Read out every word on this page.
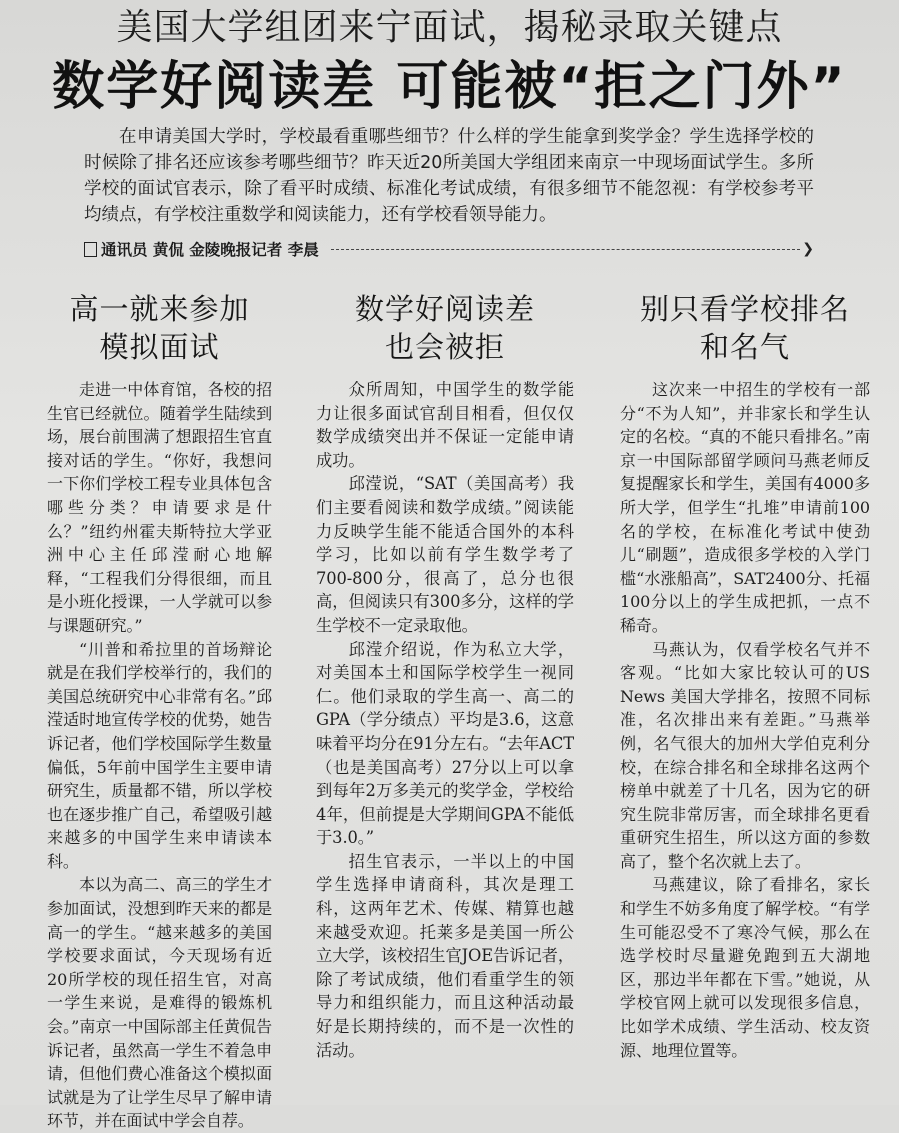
美国大学组团来宁面试，揭秘录取关键点
数学好阅读差 可能被“拒之门外”
在申请美国大学时，学校最看重哪些细节？什么样的学生能拿到奖学金？学生选择学校的时候除了排名还应该参考哪些细节？昨天近20所美国大学组团来南京一中现场面试学生。多所学校的面试官表示，除了看平时成绩、标准化考试成绩，有很多细节不能忽视：有学校参考平均绩点，有学校注重数学和阅读能力，还有学校看领导能力。
通讯员 黄侃 金陵晚报记者 李晨	❯
高一就来参加
模拟面试

走进一中体育馆，各校的招生官已经就位。随着学生陆续到场，展台前围满了想跟招生官直接对话的学生。“你好，我想问一下你们学校工程专业具体包含哪些分类？申请要求是什么？”纽约州霍夫斯特拉大学亚洲中心主任邱滢耐心地解释，“工程我们分得很细，而且是小班化授课，一人学就可以参与课题研究。”

“川普和希拉里的首场辩论就是在我们学校举行的，我们的美国总统研究中心非常有名。”邱滢适时地宣传学校的优势，她告诉记者，他们学校国际学生数量偏低，5年前中国学生主要申请研究生，质量都不错，所以学校也在逐步推广自己，希望吸引越来越多的中国学生来申请读本科。

本以为高二、高三的学生才参加面试，没想到昨天来的都是高一的学生。“越来越多的美国学校要求面试，今天现场有近20所学校的现任招生官，对高一学生来说，是难得的锻炼机会。”南京一中国际部主任黄侃告诉记者，虽然高一学生不着急申请，但他们费心准备这个模拟面试就是为了让学生尽早了解申请环节，并在面试中学会自荐。

数学好阅读差
也会被拒

众所周知，中国学生的数学能力让很多面试官刮目相看，但仅仅数学成绩突出并不保证一定能申请成功。

邱滢说，“SAT（美国高考）我们主要看阅读和数学成绩。”阅读能力反映学生能不能适合国外的本科学习，比如以前有学生数学考了700-800分，很高了，总分也很高，但阅读只有300多分，这样的学生学校不一定录取他。

邱滢介绍说，作为私立大学，对美国本土和国际学校学生一视同仁。他们录取的学生高一、高二的GPA（学分绩点）平均是3.6，这意味着平均分在91分左右。“去年ACT（也是美国高考）27分以上可以拿到每年2万多美元的奖学金，学校给4年，但前提是大学期间GPA不能低于3.0。”

招生官表示，一半以上的中国学生选择申请商科，其次是理工科，这两年艺术、传媒、精算也越来越受欢迎。托莱多是美国一所公立大学，该校招生官JOE告诉记者，除了考试成绩，他们看重学生的领导力和组织能力，而且这种活动最好是长期持续的，而不是一次性的活动。

别只看学校排名
和名气

这次来一中招生的学校有一部分“不为人知”，并非家长和学生认定的名校。“真的不能只看排名。”南京一中国际部留学顾问马燕老师反复提醒家长和学生，美国有4000多所大学，但学生“扎堆”申请前100名的学校，在标准化考试中使劲儿“刷题”，造成很多学校的入学门槛“水涨船高”，SAT2400分、托福100分以上的学生成把抓，一点不稀奇。

马燕认为，仅看学校名气并不客观。“比如大家比较认可的US News 美国大学排名，按照不同标准，名次排出来有差距。”马燕举例，名气很大的加州大学伯克利分校，在综合排名和全球排名这两个榜单中就差了十几名，因为它的研究生院非常厉害，而全球排名更看重研究生招生，所以这方面的参数高了，整个名次就上去了。

马燕建议，除了看排名，家长和学生不妨多角度了解学校。“有学生可能忍受不了寒冷气候，那么在选学校时尽量避免跑到五大湖地区，那边半年都在下雪。”她说，从学校官网上就可以发现很多信息，比如学术成绩、学生活动、校友资源、地理位置等。
